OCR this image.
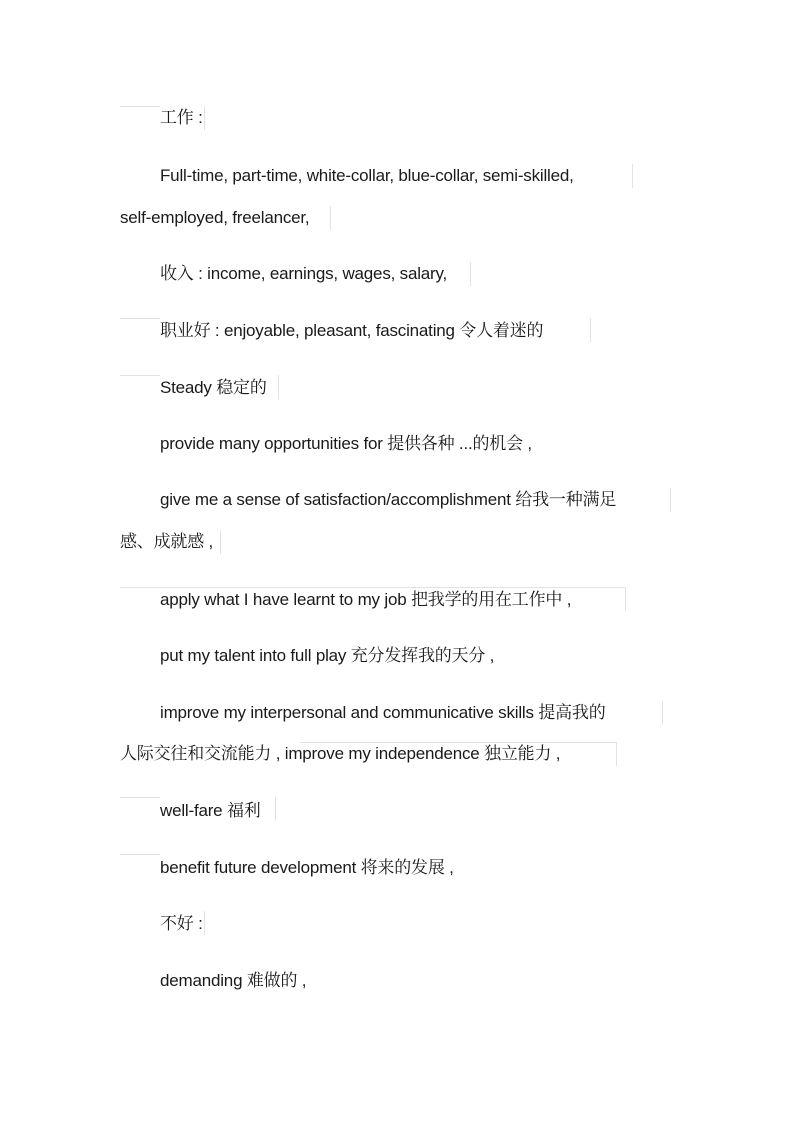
工作 :
Full-time, part-time, white-collar, blue-collar, semi-skilled,
self-employed, freelancer,
收入 : income, earnings, wages, salary,
职业好 : enjoyable, pleasant, fascinating 令人着迷的
Steady 稳定的
provide many opportunities for 提供各种 ...的机会 ,
give me a sense of satisfaction/accomplishment 给我一种满足
感、成就感 ,
apply what I have learnt to my job 把我学的用在工作中 ,
put my talent into full play 充分发挥我的天分 ,
improve my interpersonal and communicative skills 提高我的
人际交往和交流能力 , improve my independence 独立能力 ,
well-fare 福利
benefit future development 将来的发展 ,
不好 :
demanding 难做的 ,
